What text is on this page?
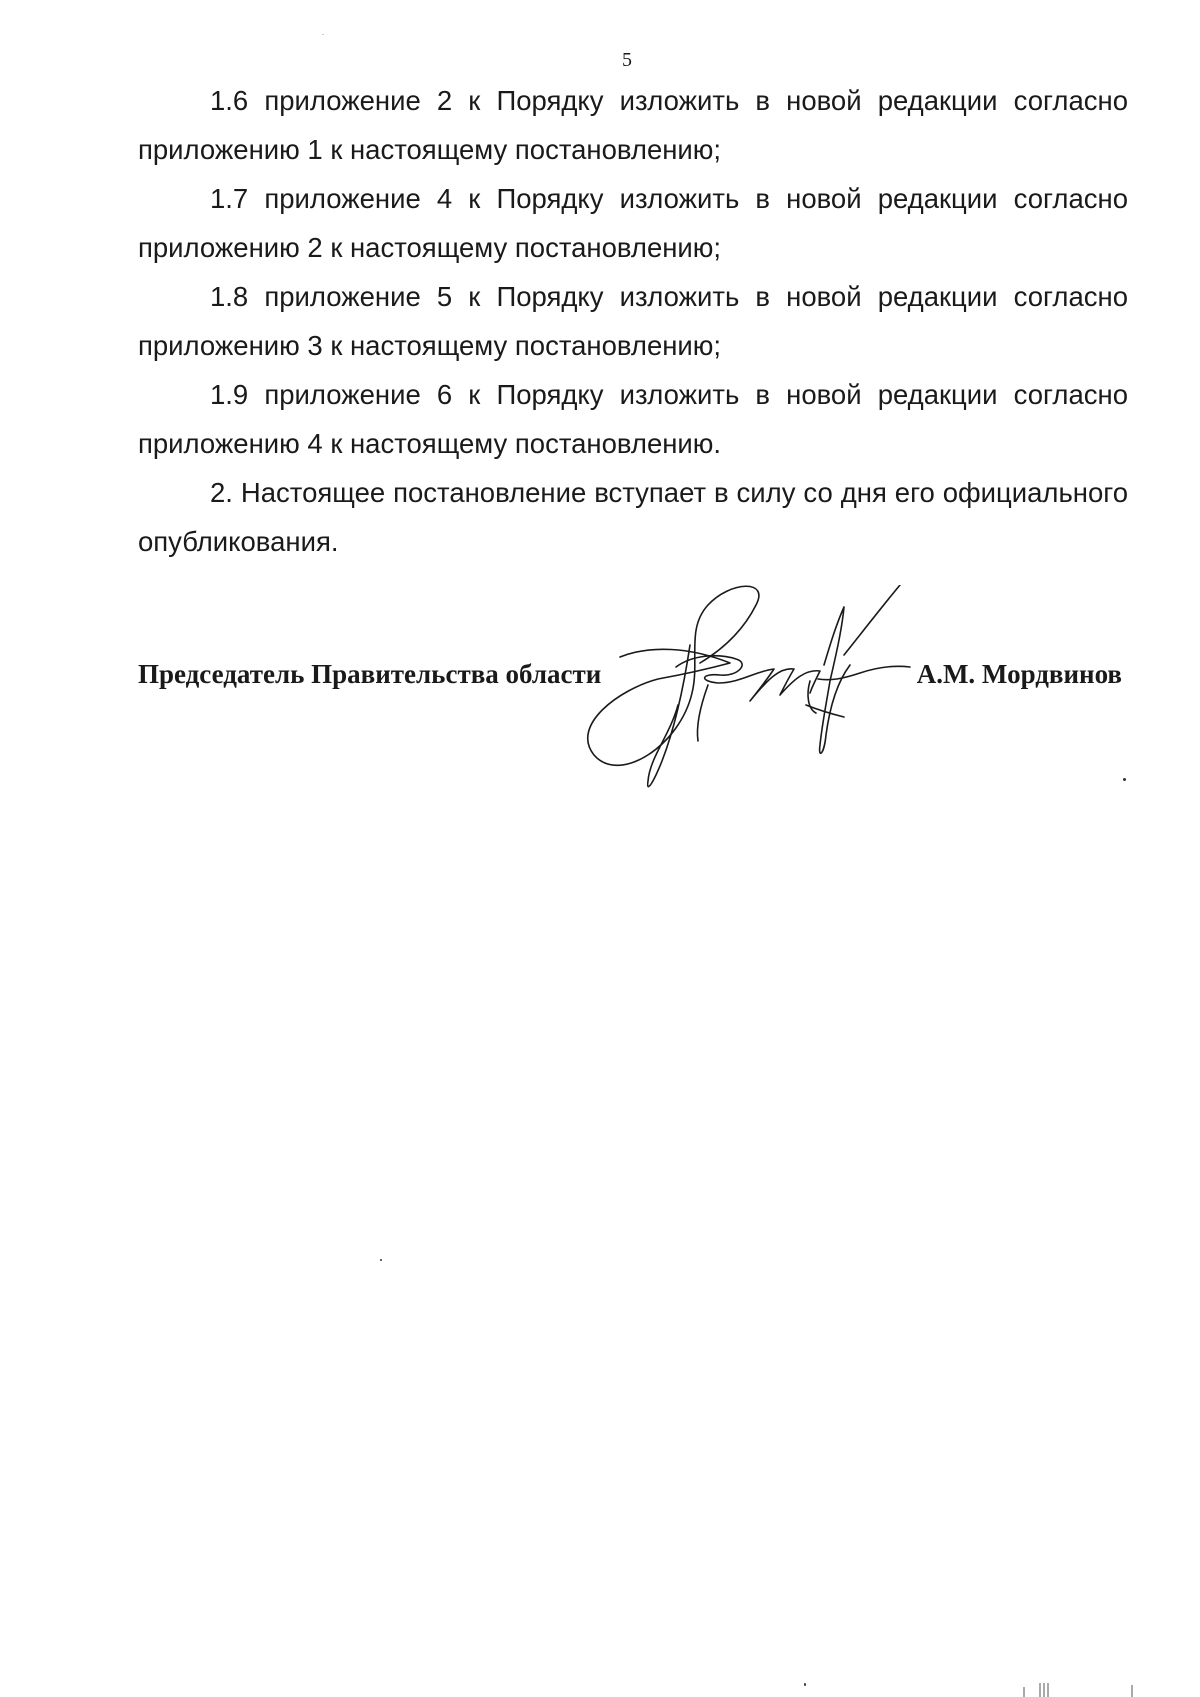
5

1.6 приложение 2 к Порядку изложить в новой редакции согласно приложению 1 к настоящему постановлению;

1.7 приложение 4 к Порядку изложить в новой редакции согласно приложению 2 к настоящему постановлению;

1.8 приложение 5 к Порядку изложить в новой редакции согласно приложению 3 к настоящему постановлению;

1.9 приложение 6 к Порядку изложить в новой редакции согласно приложению 4 к настоящему постановлению.

2. Настоящее постановление вступает в силу со дня его официального опубликования.

Председатель Правительства области	А.М. Мордвинов
